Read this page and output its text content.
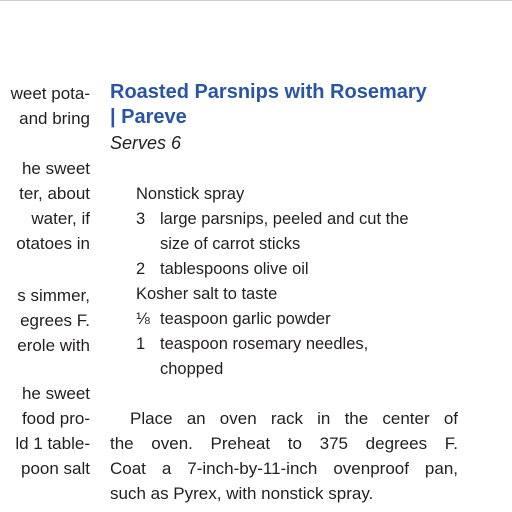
weet pota-
and bring
he sweet
ter, about
water, if
otatoes in
s simmer,
egrees F.
erole with
he sweet
food pro-
ld 1 table-
poon salt
Roasted Parsnips with Rosemary
| Pareve
Serves 6
Nonstick spray
3 large parsnips, peeled and cut the
size of carrot sticks
2 tablespoons olive oil
Kosher salt to taste
⅛ teaspoon garlic powder
1 teaspoon rosemary needles,
chopped
Place an oven rack in the center of
the oven. Preheat to 375 degrees F.
Coat a 7-inch-by-11-inch ovenproof pan,
such as Pyrex, with nonstick spray.
